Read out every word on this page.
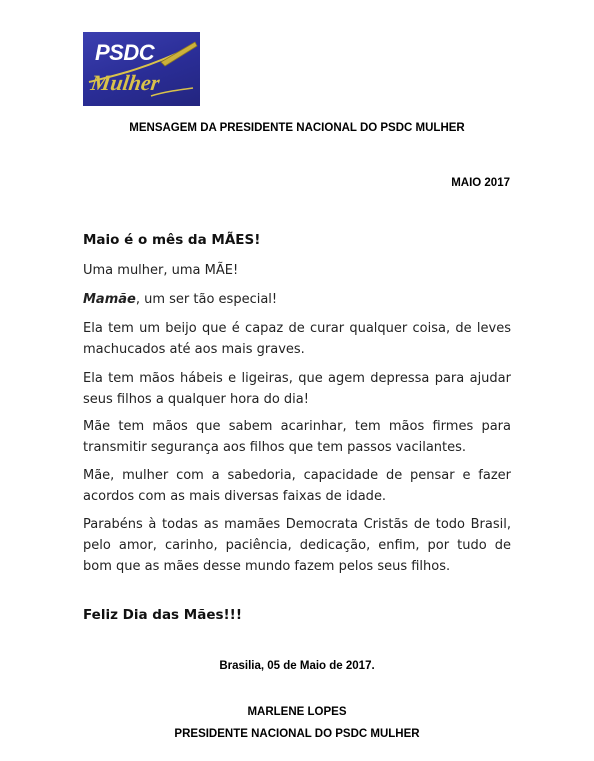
PSDC
Mulher
MENSAGEM DA PRESIDENTE NACIONAL DO PSDC MULHER
MAIO 2017
Maio é o mês da MÃES!
Uma mulher, uma MÃE!
Mamãe, um ser tão especial!
Ela tem um beijo que é capaz de curar qualquer coisa, de leves machucados até aos mais graves.
Ela tem mãos hábeis e ligeiras, que agem depressa para ajudar seus filhos a qualquer hora do dia!
Mãe tem mãos que sabem acarinhar, tem mãos firmes para transmitir segurança aos filhos que tem passos vacilantes.
Mãe, mulher com a sabedoria, capacidade de pensar e fazer acordos com as mais diversas faixas de idade.
Parabéns à todas as mamães Democrata Cristãs de todo Brasil, pelo amor, carinho, paciência, dedicação, enfim, por tudo de bom que as mães desse mundo fazem pelos seus filhos.
Feliz Dia das Mães!!!
Brasilia, 05 de Maio de 2017.
MARLENE LOPES
PRESIDENTE NACIONAL DO PSDC MULHER
